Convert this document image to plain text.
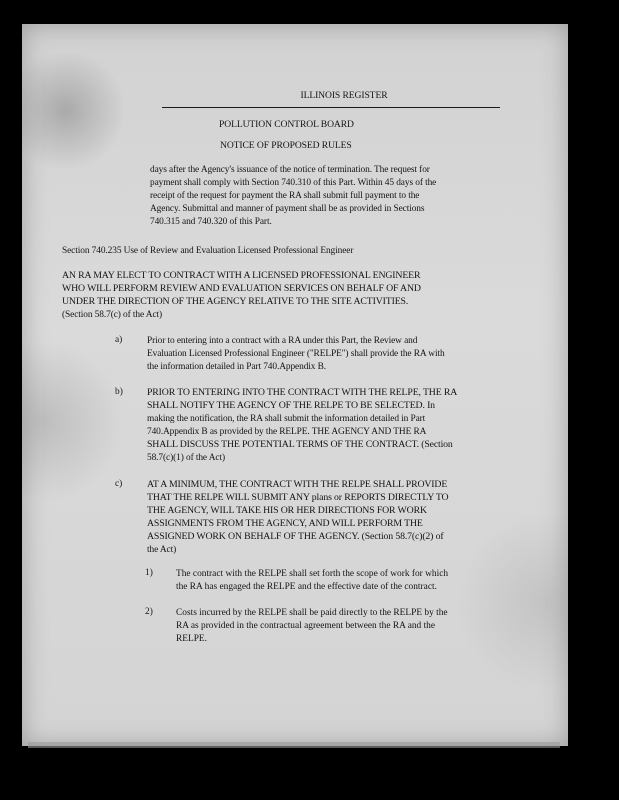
ILLINOIS REGISTER
POLLUTION CONTROL BOARD
NOTICE OF PROPOSED RULES
days after the Agency's issuance of the notice of termination. The request for
payment shall comply with Section 740.310 of this Part. Within 45 days of the
receipt of the request for payment the RA shall submit full payment to the
Agency. Submittal and manner of payment shall be as provided in Sections
740.315 and 740.320 of this Part.
Section 740.235 Use of Review and Evaluation Licensed Professional Engineer
AN RA MAY ELECT TO CONTRACT WITH A LICENSED PROFESSIONAL ENGINEER
WHO WILL PERFORM REVIEW AND EVALUATION SERVICES ON BEHALF OF AND
UNDER THE DIRECTION OF THE AGENCY RELATIVE TO THE SITE ACTIVITIES.
(Section 58.7(c) of the Act)
a)	Prior to entering into a contract with a RA under this Part, the Review and
Evaluation Licensed Professional Engineer ("RELPE") shall provide the RA with
the information detailed in Part 740.Appendix B.
b) PRIOR TO ENTERING INTO THE CONTRACT WITH THE RELPE, THE RA
SHALL NOTIFY THE AGENCY OF THE RELPE TO BE SELECTED. In
making the notification, the RA shall submit the information detailed in Part
740.Appendix B as provided by the RELPE. THE AGENCY AND THE RA
SHALL DISCUSS THE POTENTIAL TERMS OF THE CONTRACT. (Section
58.7(c)(1) of the Act)
c)	AT A MINIMUM, THE CONTRACT WITH THE RELPE SHALL PROVIDE
THAT THE RELPE WILL SUBMIT ANY plans or REPORTS DIRECTLY TO
THE AGENCY, WILL TAKE HIS OR HER DIRECTIONS FOR WORK
ASSIGNMENTS FROM THE AGENCY, AND WILL PERFORM THE
ASSIGNED WORK ON BEHALF OF THE AGENCY. (Section 58.7(c)(2) of
the Act)
1) The contract with the RELPE shall set forth the scope of work for which
the RA has engaged the RELPE and the effective date of the contract.
2) Costs incurred by the RELPE shall be paid directly to the RELPE by the
RA as provided in the contractual agreement between the RA and the
RELPE.
